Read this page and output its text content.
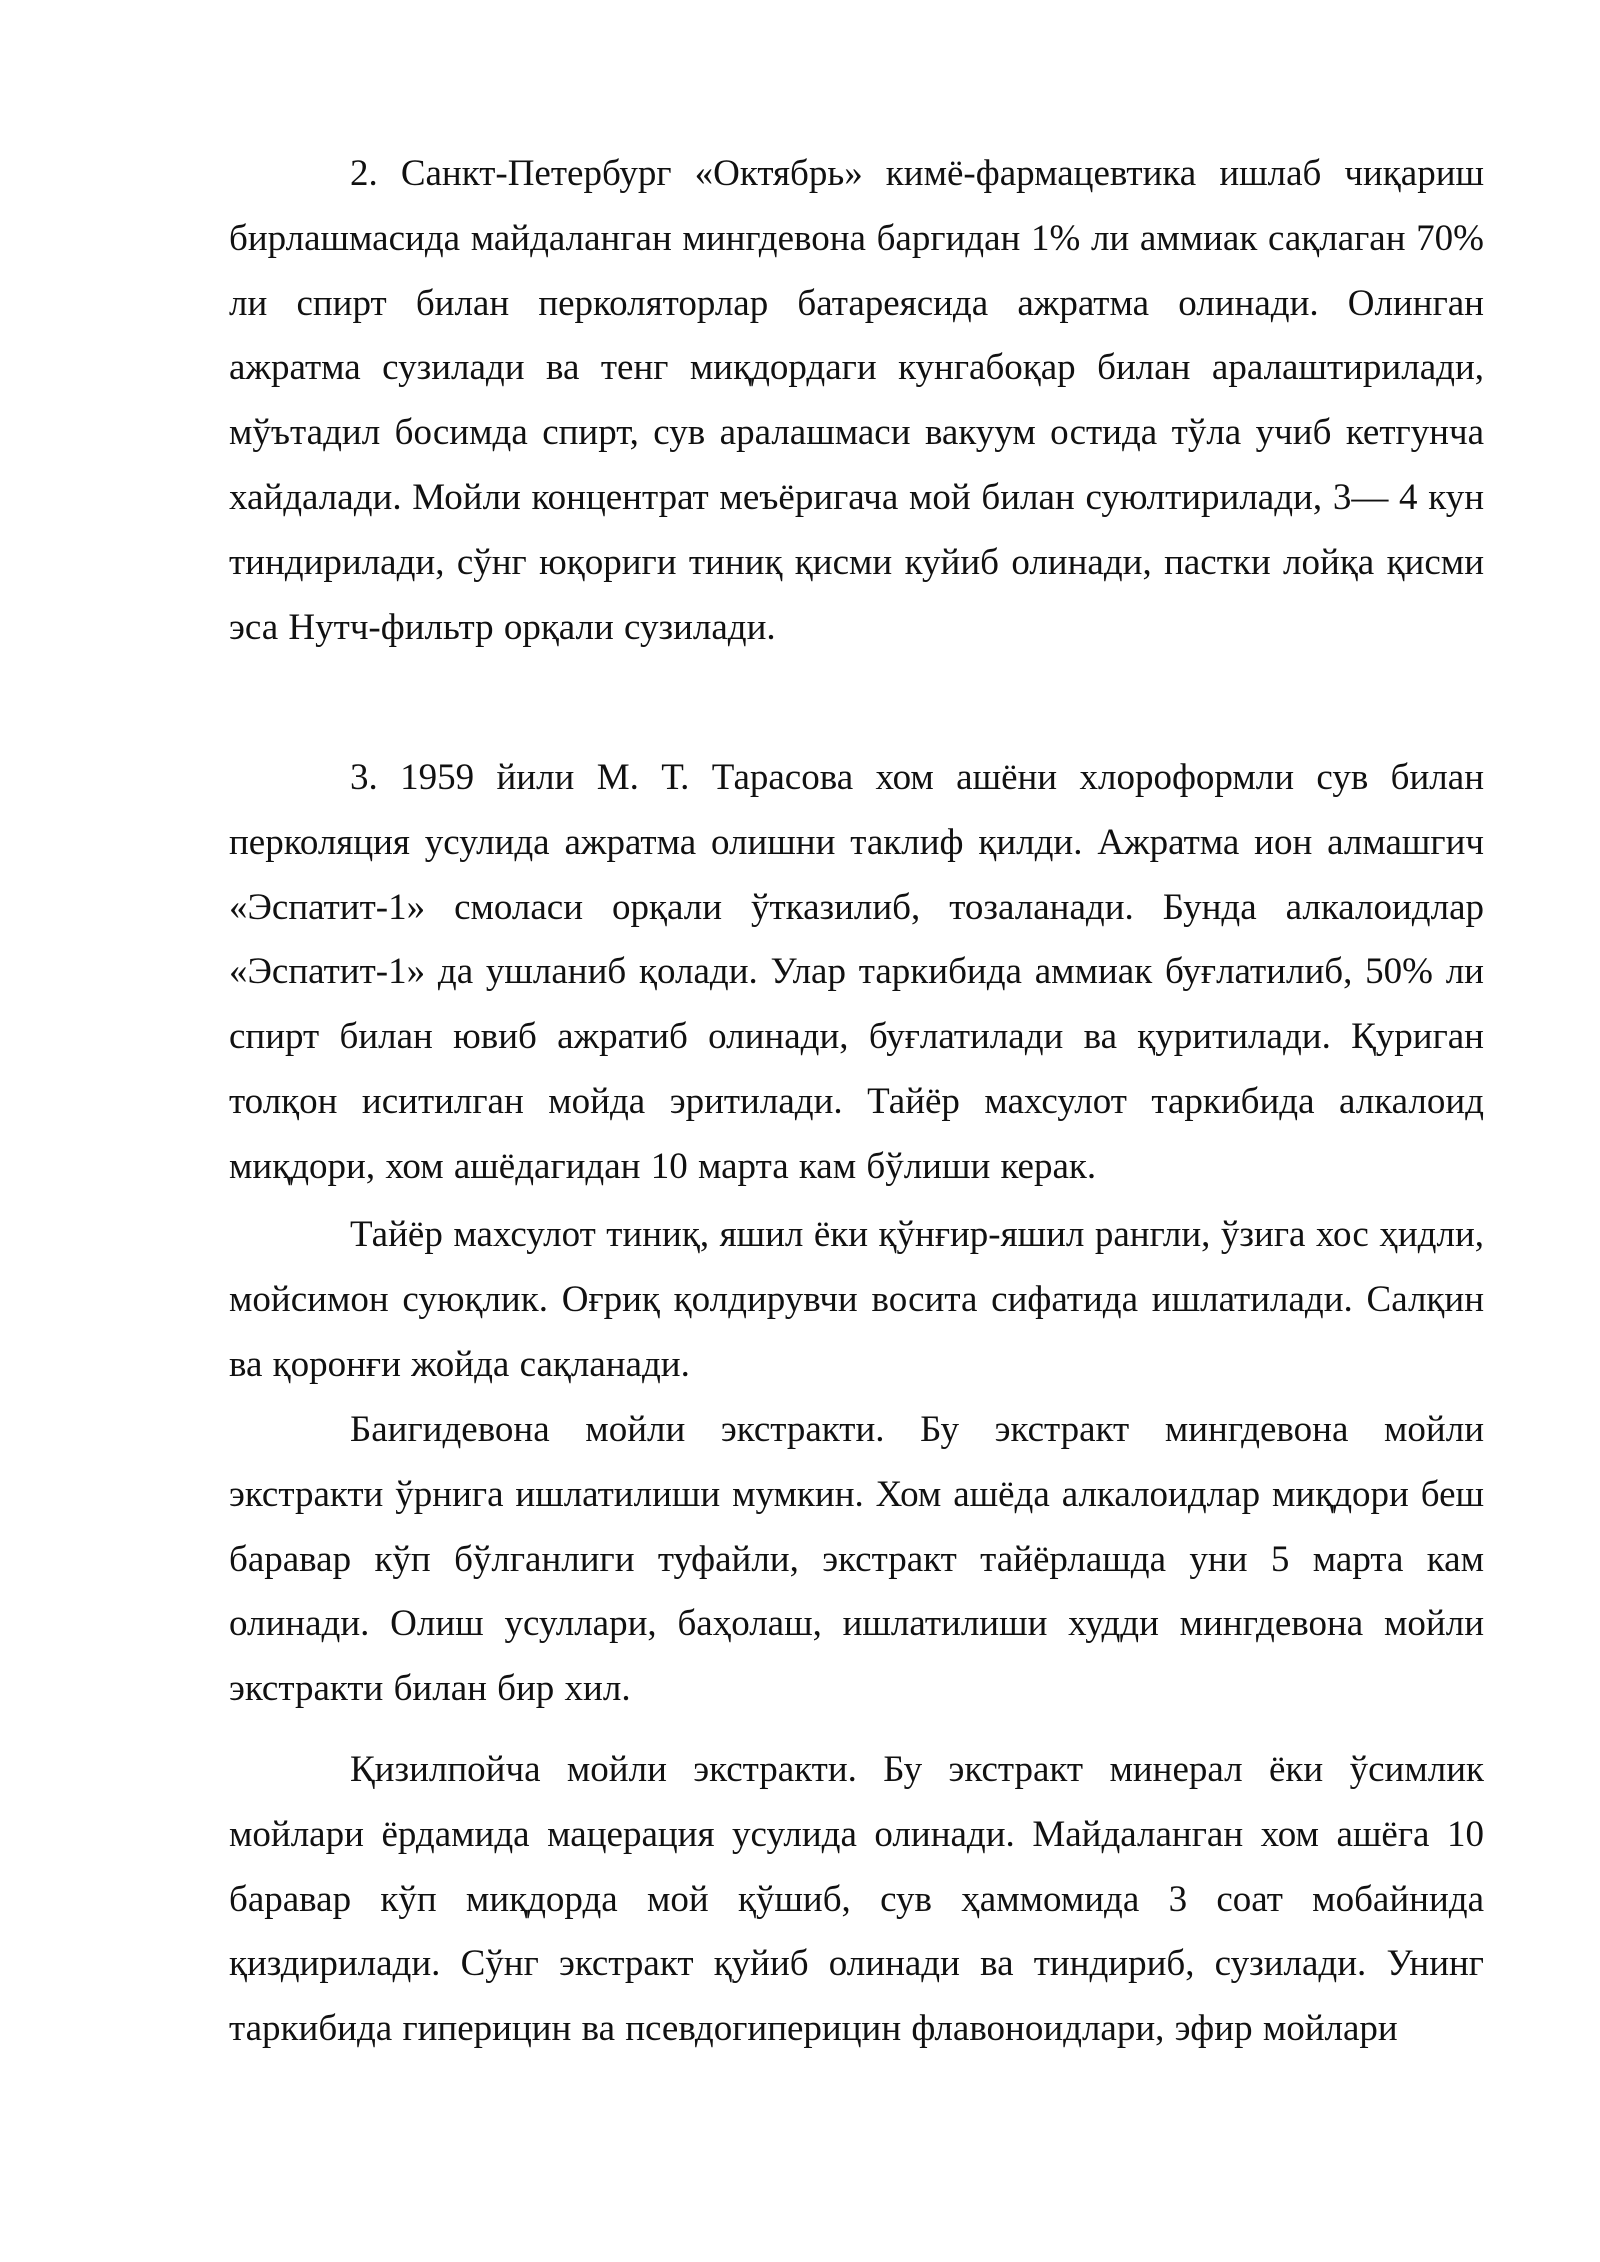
2. Санкт-Петербург «Октябрь» кимё-фармацевтика ишлаб чиқариш бирлашмасида майдаланган мингдевона баргидан 1% ли аммиак сақлаган 70% ли спирт билан перколяторлар батареясида ажратма олинади. Олинган ажратма сузилади ва тенг миқдордаги кунгабоқар билан аралаштирилади, мўътадил босимда спирт, сув аралашмаси вакуум остида тўла учиб кетгунча хайдалади. Мойли концентрат меъёригача мой билан суюлтирилади, 3— 4 кун тиндирилади, сўнг юқориги тиниқ қисми куйиб олинади, пастки лойқа қисми эса Нутч-фильтр орқали сузилади.

3. 1959 йили М. Т. Тарасова хом ашёни хлороформли сув билан перколяция усулида ажратма олишни таклиф қилди. Ажратма ион алмашгич «Эспатит-1» смоласи орқали ўтказилиб, тозаланади. Бунда алкалоидлар «Эспатит-1» да ушланиб қолади. Улар таркибида аммиак буғлатилиб, 50% ли спирт билан ювиб ажратиб олинади, буғлатилади ва қуритилади. Қуриган толқон иситилган мойда эритилади. Тайёр махсулот таркибида алкалоид миқдори, хом ашёдагидан 10 марта кам бўлиши керак.

Тайёр махсулот тиниқ, яшил ёки қўнғир-яшил рангли, ўзига хос ҳидли, мойсимон суюқлик. Оғриқ қолдирувчи восита сифатида ишлатилади. Салқин ва қоронғи жойда сақланади.

Баигидевона мойли экстракти. Бу экстракт мингдевона мойли экстракти ўрнига ишлатилиши мумкин. Хом ашёда алкалоидлар миқдори беш баравар кўп бўлганлиги туфайли, экстракт тайёрлашда уни 5 марта кам олинади. Олиш усуллари, баҳолаш, ишлатилиши худди мингдевона мойли экстракти билан бир хил.

Қизилпойча мойли экстракти. Бу экстракт минерал ёки ўсимлик мойлари ёрдамида мацерация усулида олинади. Майдаланган хом ашёга 10 баравар кўп миқдорда мой қўшиб, сув ҳаммомида 3 соат мобайнида қиздирилади. Сўнг экстракт қуйиб олинади ва тиндириб, сузилади. Унинг таркибида гиперицин ва псевдогиперицин флавоноидлари, эфир мойлари
